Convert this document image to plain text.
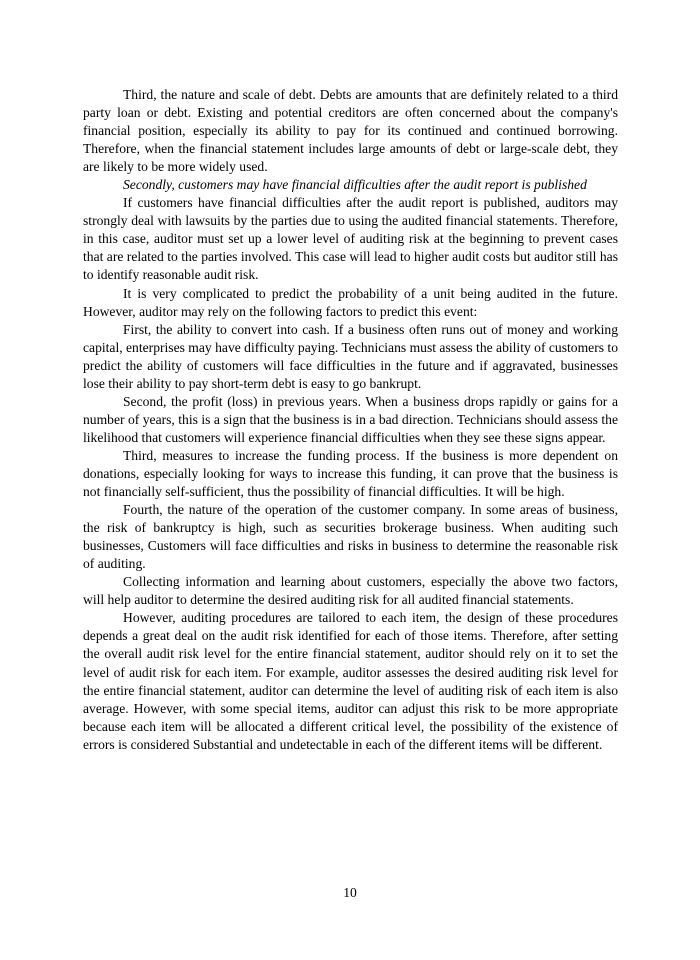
Third, the nature and scale of debt. Debts are amounts that are definitely related to a third party loan or debt. Existing and potential creditors are often concerned about the company's financial position, especially its ability to pay for its continued and continued borrowing. Therefore, when the financial statement includes large amounts of debt or large-scale debt, they are likely to be more widely used.

Secondly, customers may have financial difficulties after the audit report is published

If customers have financial difficulties after the audit report is published, auditors may strongly deal with lawsuits by the parties due to using the audited financial statements. Therefore, in this case, auditor must set up a lower level of auditing risk at the beginning to prevent cases that are related to the parties involved. This case will lead to higher audit costs but auditor still has to identify reasonable audit risk.

It is very complicated to predict the probability of a unit being audited in the future. However, auditor may rely on the following factors to predict this event:

First, the ability to convert into cash. If a business often runs out of money and working capital, enterprises may have difficulty paying. Technicians must assess the ability of customers to predict the ability of customers will face difficulties in the future and if aggravated, businesses lose their ability to pay short-term debt is easy to go bankrupt.

Second, the profit (loss) in previous years. When a business drops rapidly or gains for a number of years, this is a sign that the business is in a bad direction. Technicians should assess the likelihood that customers will experience financial difficulties when they see these signs appear.

Third, measures to increase the funding process. If the business is more dependent on donations, especially looking for ways to increase this funding, it can prove that the business is not financially self-sufficient, thus the possibility of financial difficulties. It will be high.

Fourth, the nature of the operation of the customer company. In some areas of business, the risk of bankruptcy is high, such as securities brokerage business. When auditing such businesses, Customers will face difficulties and risks in business to determine the reasonable risk of auditing.

Collecting information and learning about customers, especially the above two factors, will help auditor to determine the desired auditing risk for all audited financial statements.

However, auditing procedures are tailored to each item, the design of these procedures depends a great deal on the audit risk identified for each of those items. Therefore, after setting the overall audit risk level for the entire financial statement, auditor should rely on it to set the level of audit risk for each item. For example, auditor assesses the desired auditing risk level for the entire financial statement, auditor can determine the level of auditing risk of each item is also average. However, with some special items, auditor can adjust this risk to be more appropriate because each item will be allocated a different critical level, the possibility of the existence of errors is considered Substantial and undetectable in each of the different items will be different.

10
